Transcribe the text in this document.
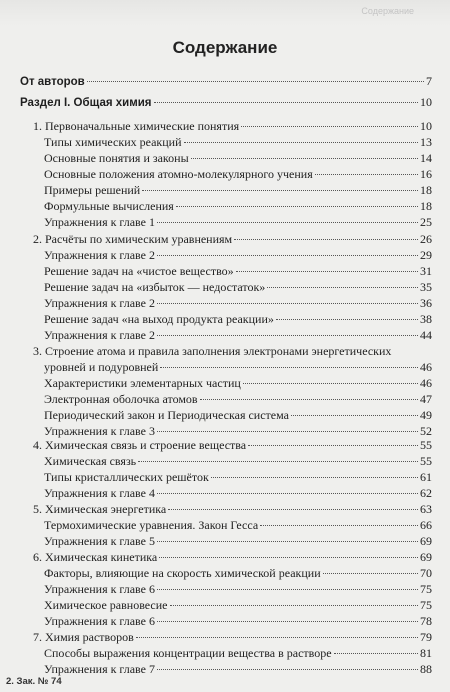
Содержание
Содержание
От авторов	7
Раздел I. Общая химия	10
1. Первоначальные химические понятия	10
Типы химических реакций	13
Основные понятия и законы	14
Основные положения атомно-молекулярного учения	16
Примеры решений	18
Формульные вычисления	18
Упражнения к главе 1	25
2. Расчёты по химическим уравнениям	26
Упражнения к главе 2	29
Решение задач на «чистое вещество»	31
Решение задач на «избыток — недостаток»	35
Упражнения к главе 2	36
Решение задач «на выход продукта реакции»	38
Упражнения к главе 2	44
3. Строение атома и правила заполнения электронами энергетических
уровней и подуровней	46
Характеристики элементарных частиц	46
Электронная оболочка атомов	47
Периодический закон и Периодическая система	49
Упражнения к главе 3	52
4. Химическая связь и строение вещества	55
Химическая связь	55
Типы кристаллических решёток	61
Упражнения к главе 4	62
5. Химическая энергетика	63
Термохимические уравнения. Закон Гесса	66
Упражнения к главе 5	69
6. Химическая кинетика	69
Факторы, влияющие на скорость химической реакции	70
Упражнения к главе 6	75
Химическое равновесие	75
Упражнения к главе 6	78
7. Химия растворов	79
Способы выражения концентрации вещества в растворе	81
Упражнения к главе 7	88
2. Зак. № 74
